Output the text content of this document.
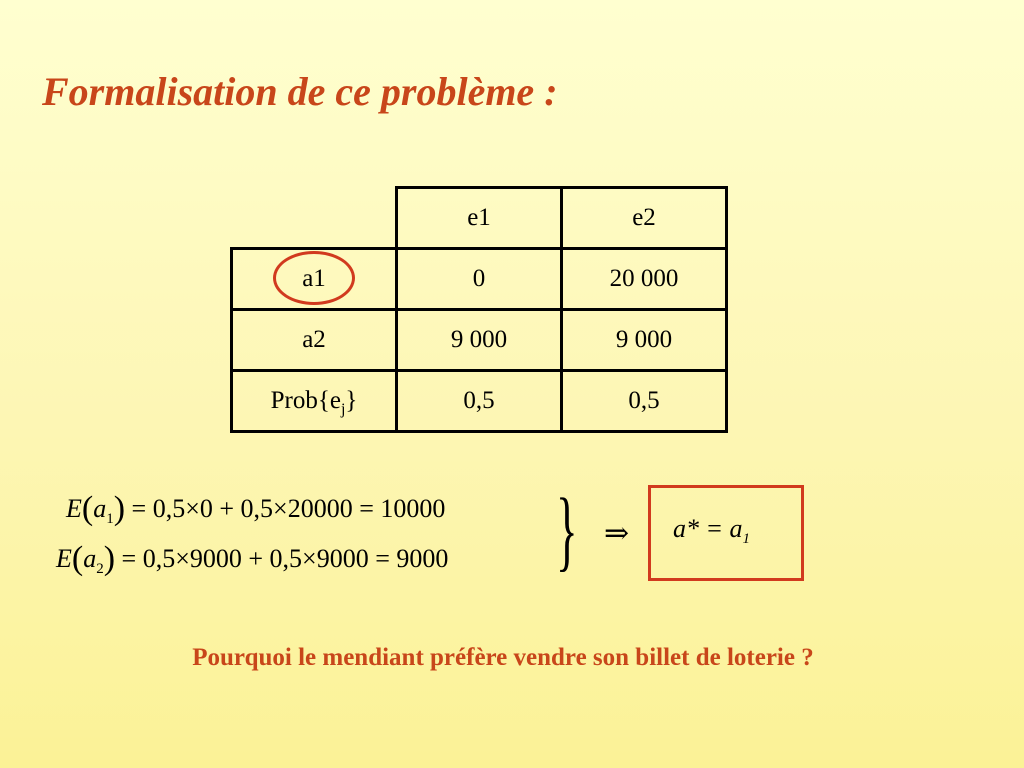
Formalisation de ce problème :
	e1	e2

a1	0	20 000
a2	9 000	9 000
$Prob\{e_j\}$	0,5	0,5
$E(a_1) = 0,5\times 0 + 0,5\times 20000 = 10000$
$E(a_2) = 0,5\times 9000 + 0,5\times 9000 = 9000$ } ⇒ $a* = a_1$
Pourquoi le mendiant préfère vendre son billet de loterie ?
